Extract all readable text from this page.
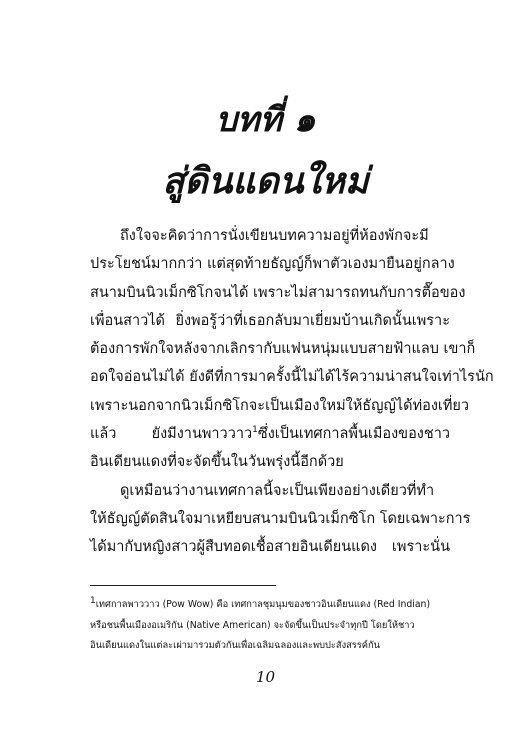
บทที่ ๑
สู่ดินแดนใหม่
ถึงใจจะคิดว่าการนั่งเขียนบทความอยู่ที่ห้องพักจะมี
ประโยชน์มากกว่า แต่สุดท้ายธัญญ์ก็พาตัวเองมายืนอยู่กลาง
สนามบินนิวเม็กซิโกจนได้ เพราะไม่สามารถทนกับการตื๊อของ
เพื่อนสาวได้ ยิ่งพอรู้ว่าที่เธอกลับมาเยี่ยมบ้านเกิดนั้นเพราะ
ต้องการพักใจหลังจากเลิกรากับแฟนหนุ่มแบบสายฟ้าแลบ เขาก็
อดใจอ่อนไม่ได้ ยังดีที่การมาครั้งนี้ไม่ได้ไร้ความน่าสนใจเท่าไรนัก
เพราะนอกจากนิวเม็กซิโกจะเป็นเมืองใหม่ให้ธัญญ์ได้ท่องเที่ยว
แล้ว ยังมีงานพาววาว$^1$ซึ่งเป็นเทศกาลพื้นเมืองของชาว
อินเดียนแดงที่จะจัดขึ้นในวันพรุ่งนี้อีกด้วย
ดูเหมือนว่างานเทศกาลนี้จะเป็นเพียงอย่างเดียวที่ทำ
ให้ธัญญ์ตัดสินใจมาเหยียบสนามบินนิวเม็กซิโก โดยเฉพาะการ
ได้มากับหญิงสาวผู้สืบทอดเชื้อสายอินเดียนแดง เพราะนั่น
1เทศกาลพาววาว (Pow Wow) คือ เทศกาลชุมนุมของชาวอินเดียนแดง (Red Indian)
หรือชนพื้นเมืองอเมริกัน (Native American) จะจัดขึ้นเป็นประจำทุกปี โดยให้ชาว
อินเดียนแดงในแต่ละเผ่ามารวมตัวกันเพื่อเฉลิมฉลองและพบปะสังสรรค์กัน
10
